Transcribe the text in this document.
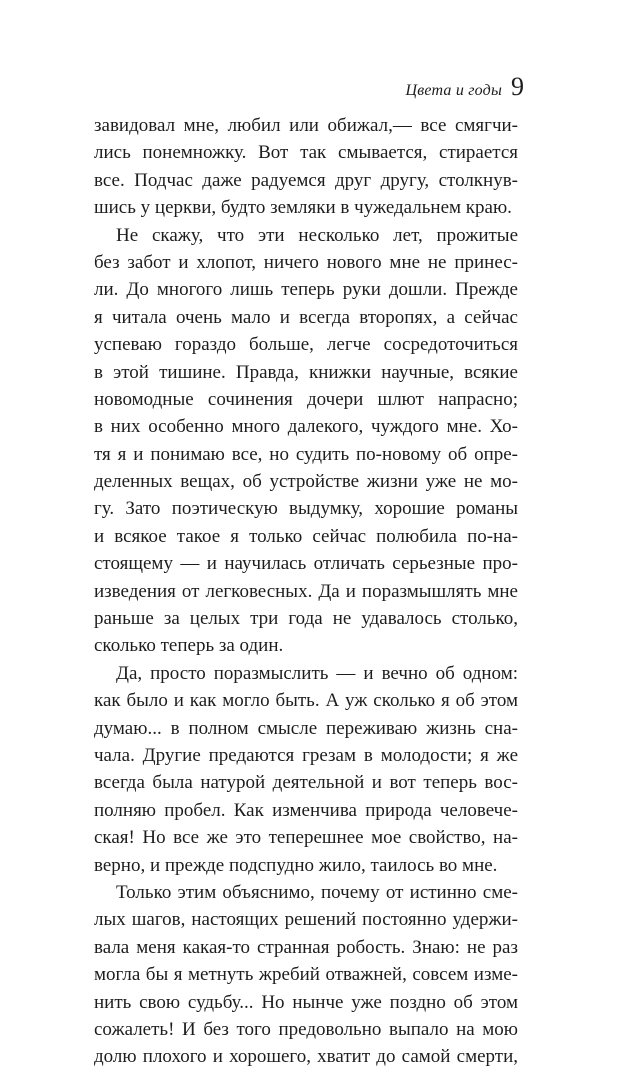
Цвета и годы 9
завидовал мне, любил или обижал,— все смягчи-
лись понемножку. Вот так смывается, стирается
все. Подчас даже радуемся друг другу, столкнув-
шись у церкви, будто земляки в чужедальнем краю.
Не скажу, что эти несколько лет, прожитые
без забот и хлопот, ничего нового мне не принес-
ли. До многого лишь теперь руки дошли. Прежде
я читала очень мало и всегда второпях, а сейчас
успеваю гораздо больше, легче сосредоточиться
в этой тишине. Правда, книжки научные, всякие
новомодные сочинения дочери шлют напрасно;
в них особенно много далекого, чуждого мне. Хо-
тя я и понимаю все, но судить по-новому об опре-
деленных вещах, об устройстве жизни уже не мо-
гу. Зато поэтическую выдумку, хорошие романы
и всякое такое я только сейчас полюбила по-на-
стоящему — и научилась отличать серьезные про-
изведения от легковесных. Да и поразмышлять мне
раньше за целых три года не удавалось столько,
сколько теперь за один.
Да, просто поразмыслить — и вечно об одном:
как было и как могло быть. А уж сколько я об этом
думаю... в полном смысле переживаю жизнь сна-
чала. Другие предаются грезам в молодости; я же
всегда была натурой деятельной и вот теперь вос-
полняю пробел. Как изменчива природа человече-
ская! Но все же это теперешнее мое свойство, на-
верно, и прежде подспудно жило, таилось во мне.
Только этим объяснимо, почему от истинно сме-
лых шагов, настоящих решений постоянно удержи-
вала меня какая-то странная робость. Знаю: не раз
могла бы я метнуть жребий отважней, совсем изме-
нить свою судьбу... Но нынче уже поздно об этом
сожалеть! И без того предовольно выпало на мою
долю плохого и хорошего, хватит до самой смерти,
